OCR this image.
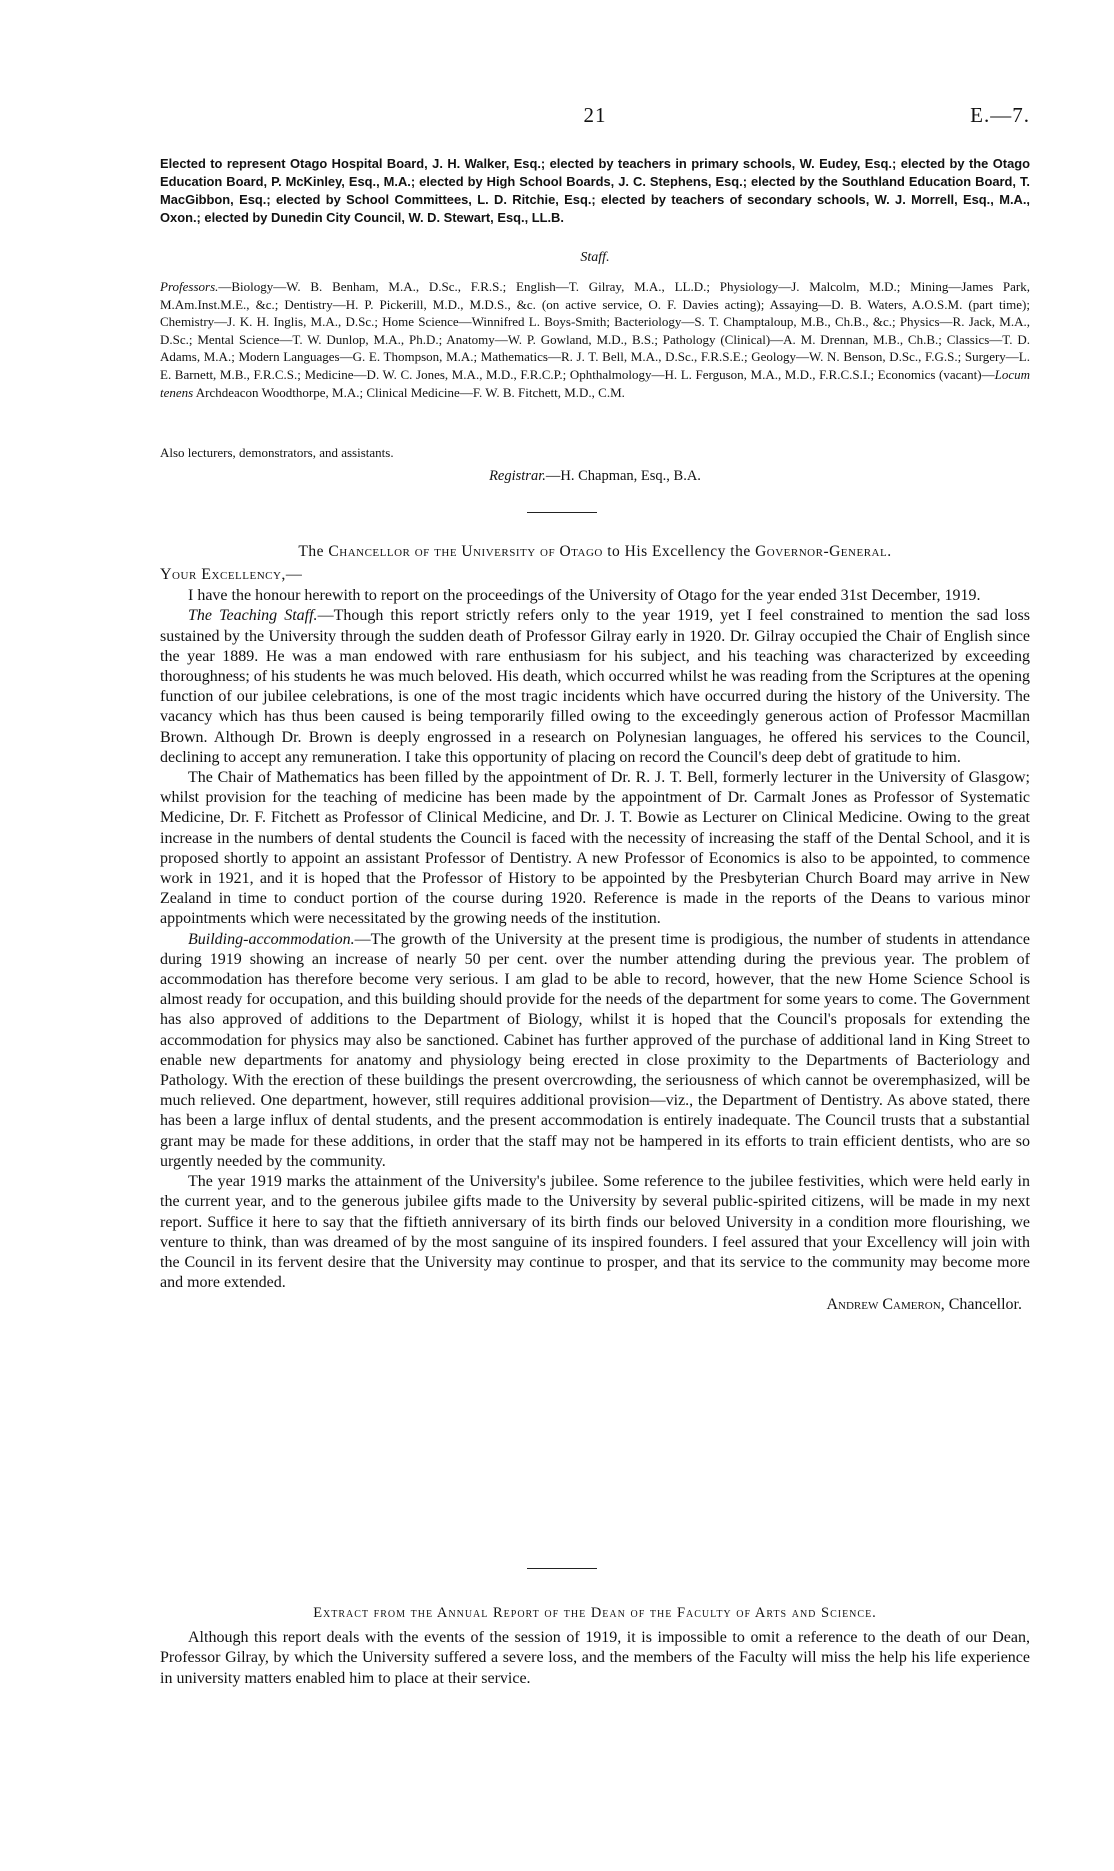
21	E.—7.

Elected to represent Otago Hospital Board, J. H. Walker, Esq.; elected by teachers in primary schools, W. Eudey, Esq.; elected by the Otago Education Board, P. McKinley, Esq., M.A.; elected by High School Boards, J. C. Stephens, Esq.; elected by the Southland Education Board, T. MacGibbon, Esq.; elected by School Committees, L. D. Ritchie, Esq.; elected by teachers of secondary schools, W. J. Morrell, Esq., M.A., Oxon.; elected by Dunedin City Council, W. D. Stewart, Esq., LL.B.

Staff.

Professors.—Biology—W. B. Benham, M.A., D.Sc., F.R.S.; English—T. Gilray, M.A., LL.D.; Physiology—J. Malcolm, M.D.; Mining—James Park, M.Am.Inst.M.E., &c.; Dentistry—H. P. Pickerill, M.D., M.D.S., &c. (on active service, O. F. Davies acting); Assaying—D. B. Waters, A.O.S.M. (part time); Chemistry—J. K. H. Inglis, M.A., D.Sc.; Home Science—Winnifred L. Boys-Smith; Bacteriology—S. T. Champtaloup, M.B., Ch.B., &c.; Physics—R. Jack, M.A., D.Sc.; Mental Science—T. W. Dunlop, M.A., Ph.D.; Anatomy—W. P. Gowland, M.D., B.S.; Pathology (Clinical)—A. M. Drennan, M.B., Ch.B.; Classics—T. D. Adams, M.A.; Modern Languages—G. E. Thompson, M.A.; Mathematics—R. J. T. Bell, M.A., D.Sc., F.R.S.E.; Geology—W. N. Benson, D.Sc., F.G.S.; Surgery—L. E. Barnett, M.B., F.R.C.S.; Medicine—D. W. C. Jones, M.A., M.D., F.R.C.P.; Ophthalmology—H. L. Ferguson, M.A., M.D., F.R.C.S.I.; Economics (vacant)—Locum tenens Archdeacon Woodthorpe, M.A.; Clinical Medicine—F. W. B. Fitchett, M.D., C.M.

Also lecturers, demonstrators, and assistants.
Registrar.—H. Chapman, Esq., B.A.
The Chancellor of the University of Otago to His Excellency the Governor-General.

Your Excellency,—

I have the honour herewith to report on the proceedings of the University of Otago for the year ended 31st December, 1919.

The Teaching Staff.—Though this report strictly refers only to the year 1919, yet I feel constrained to mention the sad loss sustained by the University through the sudden death of Professor Gilray early in 1920. Dr. Gilray occupied the Chair of English since the year 1889. He was a man endowed with rare enthusiasm for his subject, and his teaching was characterized by exceeding thoroughness; of his students he was much beloved. His death, which occurred whilst he was reading from the Scriptures at the opening function of our jubilee celebrations, is one of the most tragic incidents which have occurred during the history of the University. The vacancy which has thus been caused is being temporarily filled owing to the exceedingly generous action of Professor Macmillan Brown. Although Dr. Brown is deeply engrossed in a research on Polynesian languages, he offered his services to the Council, declining to accept any remuneration. I take this opportunity of placing on record the Council's deep debt of gratitude to him.

The Chair of Mathematics has been filled by the appointment of Dr. R. J. T. Bell, formerly lecturer in the University of Glasgow; whilst provision for the teaching of medicine has been made by the appointment of Dr. Carmalt Jones as Professor of Systematic Medicine, Dr. F. Fitchett as Professor of Clinical Medicine, and Dr. J. T. Bowie as Lecturer on Clinical Medicine. Owing to the great increase in the numbers of dental students the Council is faced with the necessity of increasing the staff of the Dental School, and it is proposed shortly to appoint an assistant Professor of Dentistry. A new Professor of Economics is also to be appointed, to commence work in 1921, and it is hoped that the Professor of History to be appointed by the Presbyterian Church Board may arrive in New Zealand in time to conduct portion of the course during 1920. Reference is made in the reports of the Deans to various minor appointments which were necessitated by the growing needs of the institution.

Building-accommodation.—The growth of the University at the present time is prodigious, the number of students in attendance during 1919 showing an increase of nearly 50 per cent. over the number attending during the previous year. The problem of accommodation has therefore become very serious. I am glad to be able to record, however, that the new Home Science School is almost ready for occupation, and this building should provide for the needs of the department for some years to come. The Government has also approved of additions to the Department of Biology, whilst it is hoped that the Council's proposals for extending the accommodation for physics may also be sanctioned. Cabinet has further approved of the purchase of additional land in King Street to enable new departments for anatomy and physiology being erected in close proximity to the Departments of Bacteriology and Pathology. With the erection of these buildings the present overcrowding, the seriousness of which cannot be overemphasized, will be much relieved. One department, however, still requires additional provision—viz., the Department of Dentistry. As above stated, there has been a large influx of dental students, and the present accommodation is entirely inadequate. The Council trusts that a substantial grant may be made for these additions, in order that the staff may not be hampered in its efforts to train efficient dentists, who are so urgently needed by the community.

The year 1919 marks the attainment of the University's jubilee. Some reference to the jubilee festivities, which were held early in the current year, and to the generous jubilee gifts made to the University by several public-spirited citizens, will be made in my next report. Suffice it here to say that the fiftieth anniversary of its birth finds our beloved University in a condition more flourishing, we venture to think, than was dreamed of by the most sanguine of its inspired founders. I feel assured that your Excellency will join with the Council in its fervent desire that the University may continue to prosper, and that its service to the community may become more and more extended.

Andrew Cameron, Chancellor.

Extract from the Annual Report of the Dean of the Faculty of Arts and Science.

Although this report deals with the events of the session of 1919, it is impossible to omit a reference to the death of our Dean, Professor Gilray, by which the University suffered a severe loss, and the members of the Faculty will miss the help his life experience in university matters enabled him to place at their service.
